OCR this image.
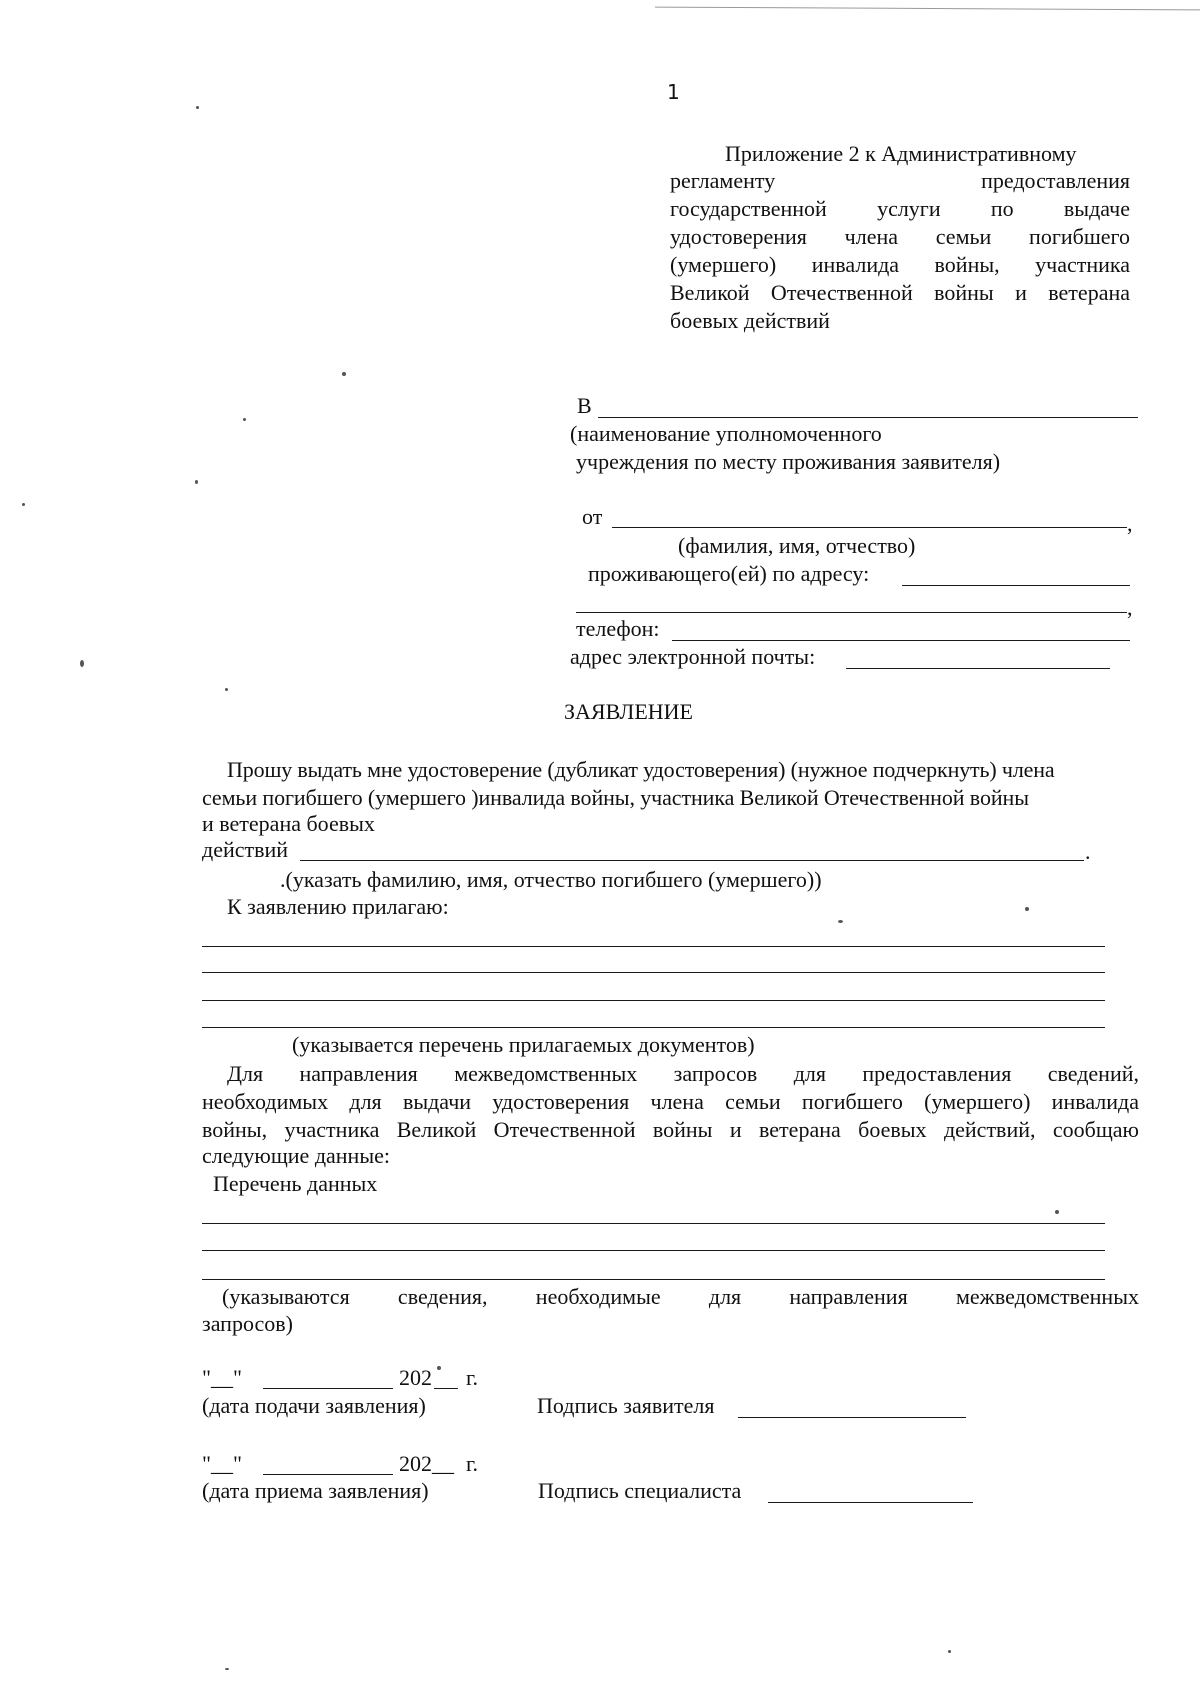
1
Приложение 2 к Административному
регламенту предоставления
государственной услуги по выдаче
удостоверения члена семьи погибшего
(умершего) инвалида войны, участника
Великой Отечественной войны и ветерана
боевых действий
В
(наименование уполномоченного
учреждения по месту проживания заявителя)
от	,
(фамилия, имя, отчество)
проживающего(ей) по адресу:
,
телефон:
адрес электронной почты:
ЗАЯВЛЕНИЕ
Прошу выдать мне удостоверение (дубликат удостоверения) (нужное подчеркнуть) члена
семьи погибшего (умершего )инвалида войны, участника Великой Отечественной войны
и ветерана боевых
действий	.
.(указать фамилию, имя, отчество погибшего (умершего))
К заявлению прилагаю:
(указывается перечень прилагаемых документов)
Для направления межведомственных запросов для предоставления сведений,
необходимых для выдачи удостоверения члена семьи погибшего (умершего) инвалида
войны, участника Великой Отечественной войны и ветерана боевых действий, сообщаю
следующие данные:
Перечень данных
(указываются сведения, необходимые для направления межведомственных
запросов)
"__"	202 г.
(дата подачи заявления)	Подпись заявителя
"__"	202__ г.
(дата приема заявления)	Подпись специалиста
